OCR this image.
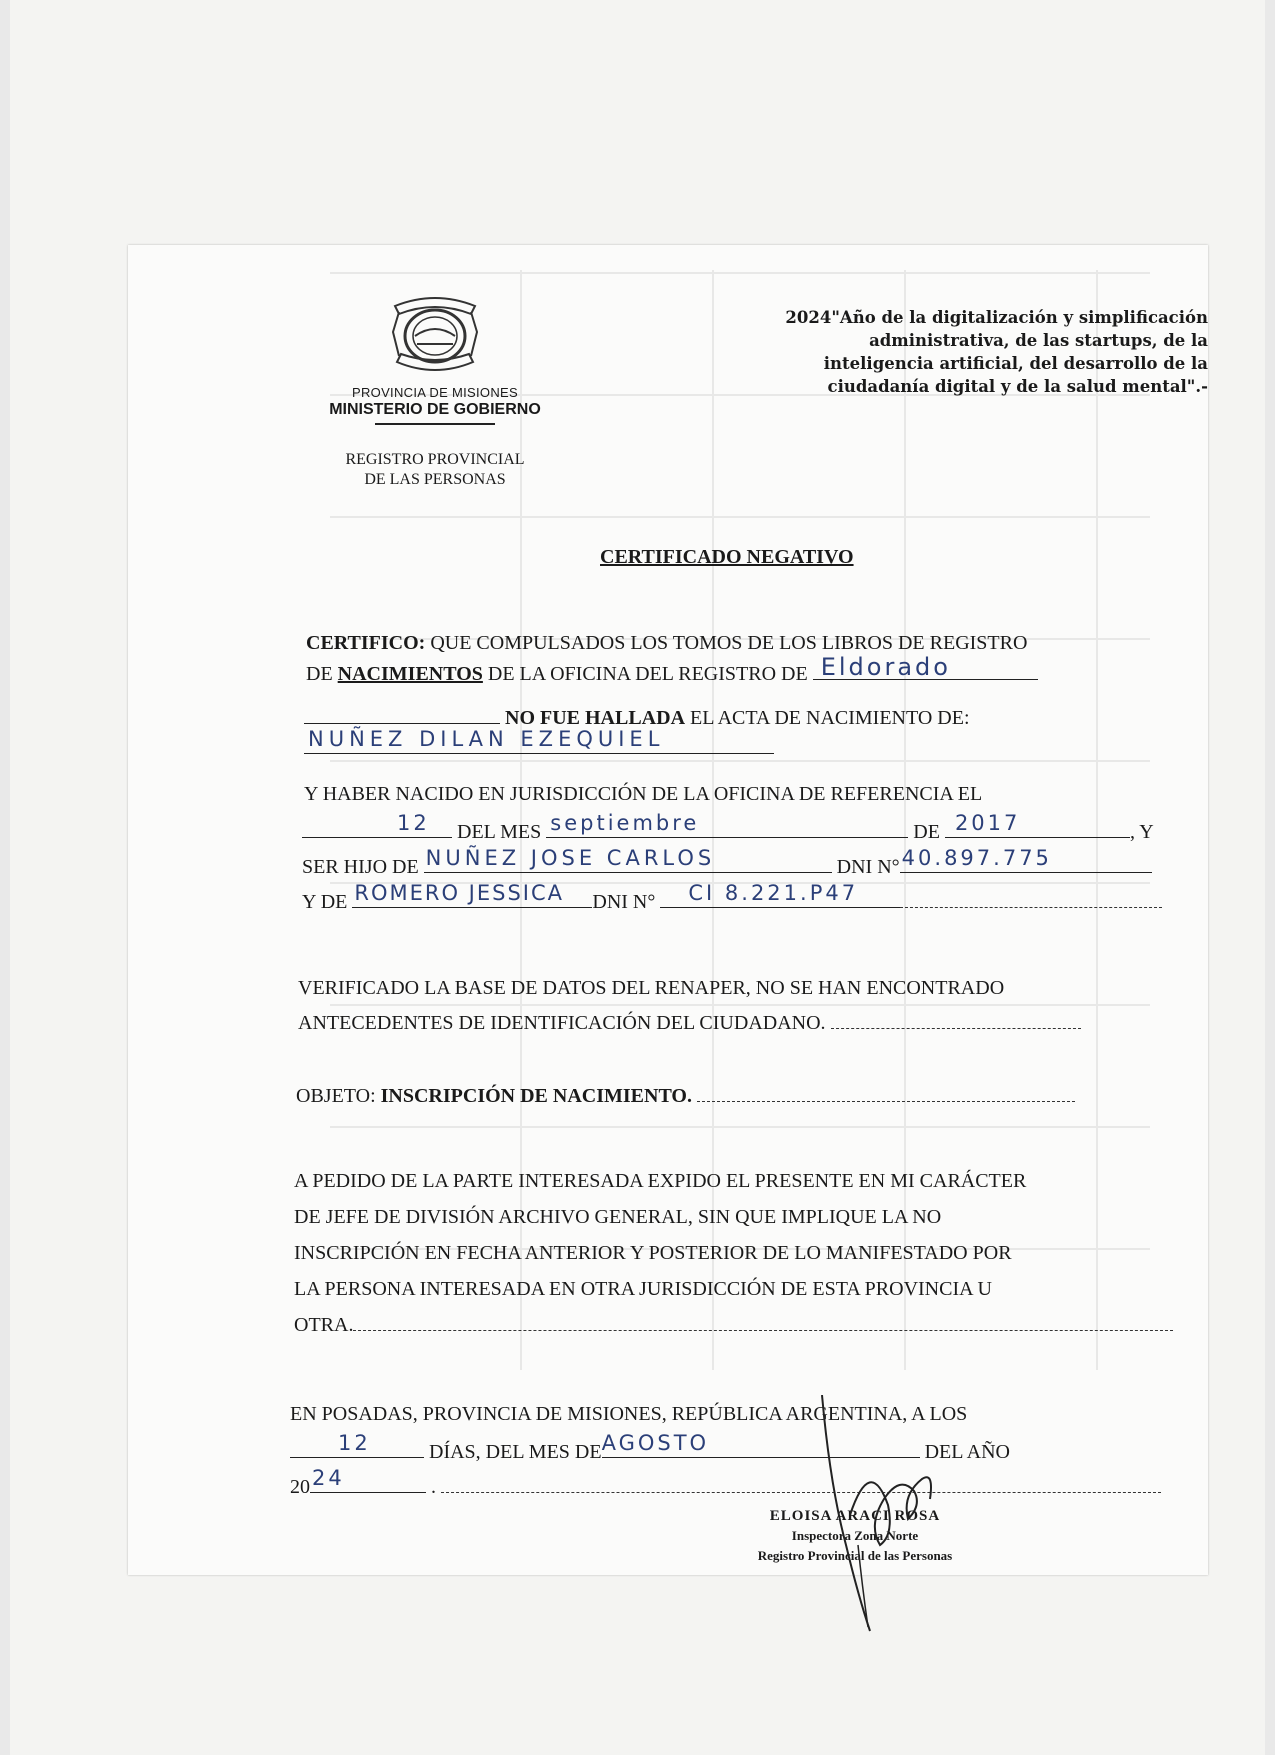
PROVINCIA DE MISIONES
MINISTERIO DE GOBIERNO
REGISTRO PROVINCIAL
DE LAS PERSONAS
2024"Año de la digitalización y simplificación
administrativa, de las startups, de la
inteligencia artificial, del desarrollo de la
ciudadanía digital y de la salud mental".-
CERTIFICADO NEGATIVO
CERTIFICO: QUE COMPULSADOS LOS TOMOS DE LOS LIBROS DE REGISTRO
DE NACIMIENTOS DE LA OFICINA DEL REGISTRO DE Eldorado
NO FUE HALLADA EL ACTA DE NACIMIENTO DE:
NUÑEZ DILAN EZEQUIEL
Y HABER NACIDO EN JURISDICCIÓN DE LA OFICINA DE REFERENCIA EL
12 DEL MES septiembre	DE 2017	, Y
SER HIJO DE NUÑEZ JOSE CARLOS	DNI N° 40.897.775
Y DE ROMERO JESSICA DNI N° CI 8.221.P47
VERIFICADO LA BASE DE DATOS DEL RENAPER, NO SE HAN ENCONTRADO
ANTECEDENTES DE IDENTIFICACIÓN DEL CIUDADANO.
OBJETO: INSCRIPCIÓN DE NACIMIENTO.
A PEDIDO DE LA PARTE INTERESADA EXPIDO EL PRESENTE EN MI CARÁCTER
DE JEFE DE DIVISIÓN ARCHIVO GENERAL, SIN QUE IMPLIQUE LA NO
INSCRIPCIÓN EN FECHA ANTERIOR Y POSTERIOR DE LO MANIFESTADO POR
LA PERSONA INTERESADA EN OTRA JURISDICCIÓN DE ESTA PROVINCIA U
OTRA.
EN POSADAS, PROVINCIA DE MISIONES, REPÚBLICA ARGENTINA, A LOS
12	DÍAS, DEL MES DE AGOSTO	DEL AÑO
20 24	.
ELOISA ARACI ROSA
Inspectora Zona Norte
Registro Provincial de las Personas
